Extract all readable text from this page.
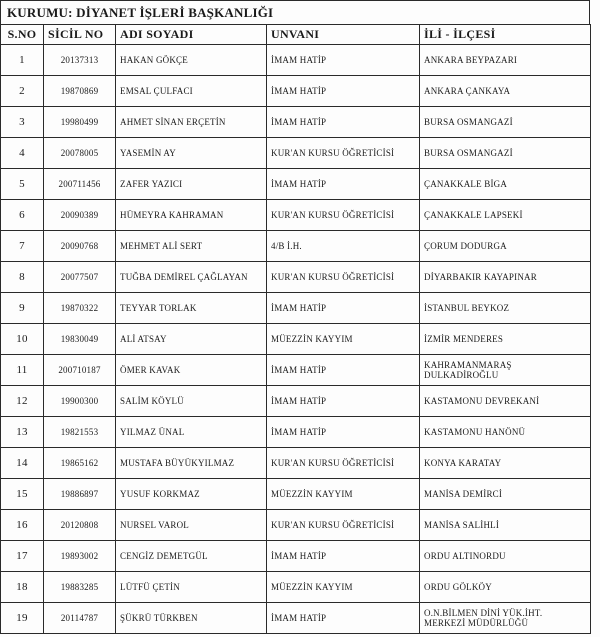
KURUMU: DİYANET İŞLERİ BAŞKANLIĞI
S.NO	SİCİL NO	ADI SOYADI	UNVANI	İLİ - İLÇESİ
1	20137313	HAKAN GÖKÇE	İMAM HATİP	ANKARA BEYPAZARI
2	19870869	EMSAL ÇULFACI	İMAM HATİP	ANKARA ÇANKAYA
3	19980499	AHMET SİNAN ERÇETİN	İMAM HATİP	BURSA OSMANGAZİ
4	20078005	YASEMİN AY	KUR'AN KURSU ÖĞRETİCİSİ	BURSA OSMANGAZİ
5	200711456	ZAFER YAZICI	İMAM HATİP	ÇANAKKALE BİGA
6	20090389	HÜMEYRA KAHRAMAN	KUR'AN KURSU ÖĞRETİCİSİ	ÇANAKKALE LAPSEKİ
7	20090768	MEHMET ALİ SERT	4/B İ.H.	ÇORUM DODURGA
8	20077507	TUĞBA DEMİREL ÇAĞLAYAN	KUR'AN KURSU ÖĞRETİCİSİ	DİYARBAKIR KAYAPINAR
9	19870322	TEYYAR TORLAK	İMAM HATİP	İSTANBUL BEYKOZ
10	19830049	ALİ ATSAY	MÜEZZİN KAYYIM	İZMİR MENDERES
11	200710187	ÖMER KAVAK	İMAM HATİP	KAHRAMANMARAŞ DULKADİROĞLU
12	19900300	SALİM KÖYLÜ	İMAM HATİP	KASTAMONU DEVREKANİ
13	19821553	YILMAZ ÜNAL	İMAM HATİP	KASTAMONU HANÖNÜ
14	19865162	MUSTAFA BÜYÜKYILMAZ	KUR'AN KURSU ÖĞRETİCİSİ	KONYA KARATAY
15	19886897	YUSUF KORKMAZ	MÜEZZİN KAYYIM	MANİSA DEMİRCİ
16	20120808	NURSEL VAROL	KUR'AN KURSU ÖĞRETİCİSİ	MANİSA SALİHLİ
17	19893002	CENGİZ DEMETGÜL	İMAM HATİP	ORDU ALTINORDU
18	19883285	LÜTFÜ ÇETİN	MÜEZZİN KAYYIM	ORDU GÖLKÖY
19	20114787	ŞÜKRÜ TÜRKBEN	İMAM HATİP	O.N.BİLMEN DİNİ YÜK.İHT. MERKEZİ MÜDÜRLÜĞÜ
